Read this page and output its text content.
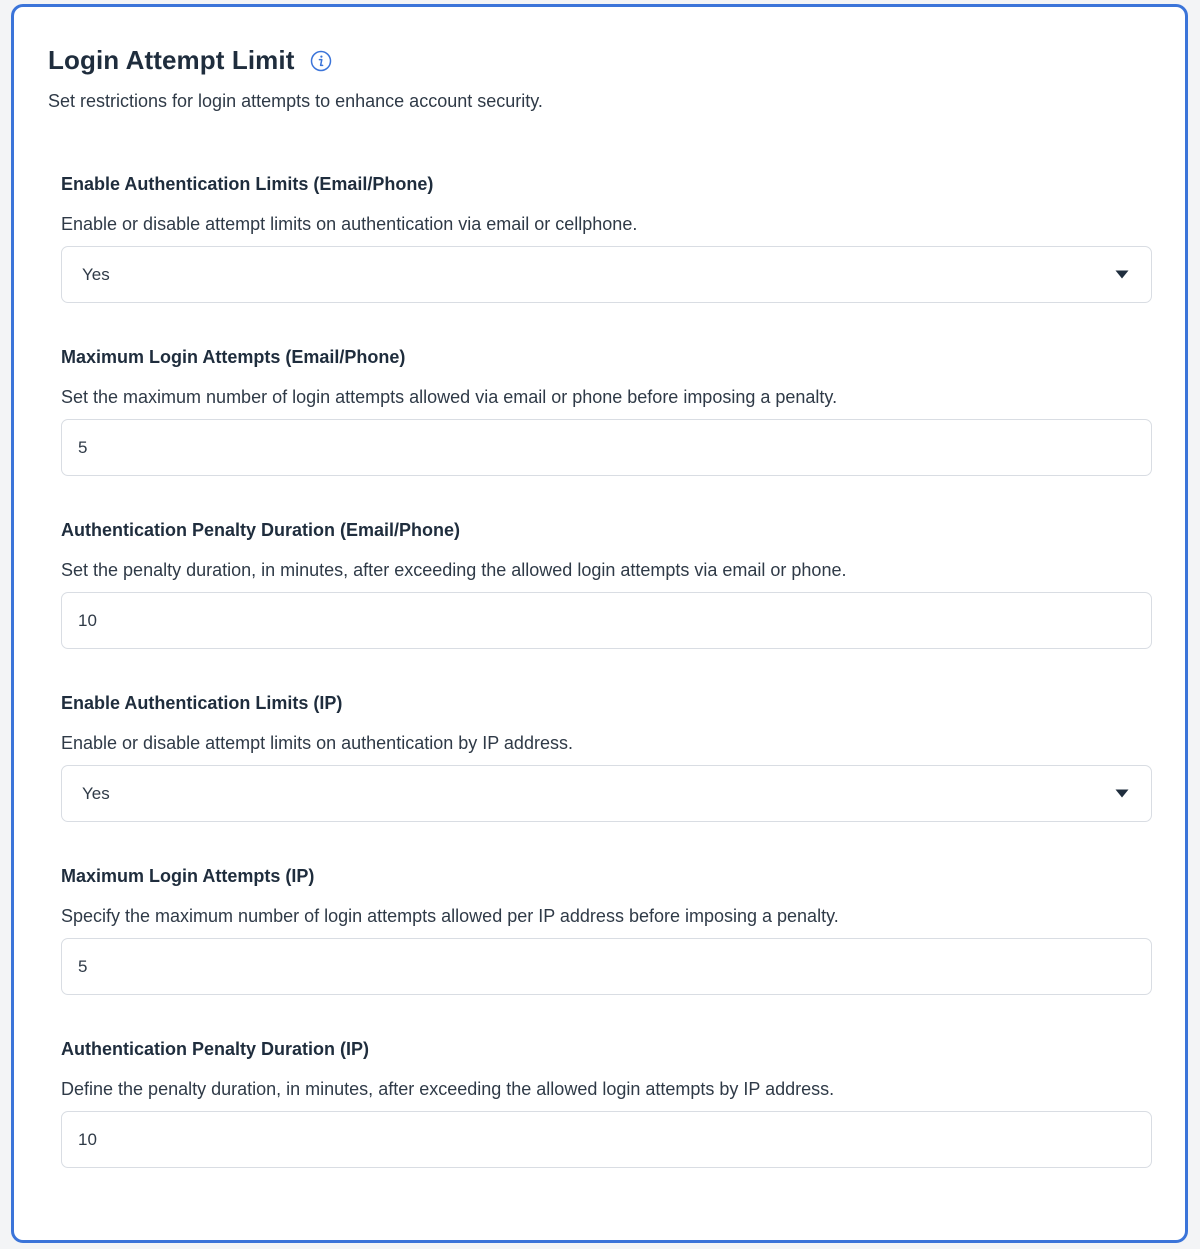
Login Attempt Limit
Set restrictions for login attempts to enhance account security.
Enable Authentication Limits (Email/Phone)
Enable or disable attempt limits on authentication via email or cellphone.
Yes
Maximum Login Attempts (Email/Phone)
Set the maximum number of login attempts allowed via email or phone before imposing a penalty.
5
Authentication Penalty Duration (Email/Phone)
Set the penalty duration, in minutes, after exceeding the allowed login attempts via email or phone.
10
Enable Authentication Limits (IP)
Enable or disable attempt limits on authentication by IP address.
Yes
Maximum Login Attempts (IP)
Specify the maximum number of login attempts allowed per IP address before imposing a penalty.
5
Authentication Penalty Duration (IP)
Define the penalty duration, in minutes, after exceeding the allowed login attempts by IP address.
10
